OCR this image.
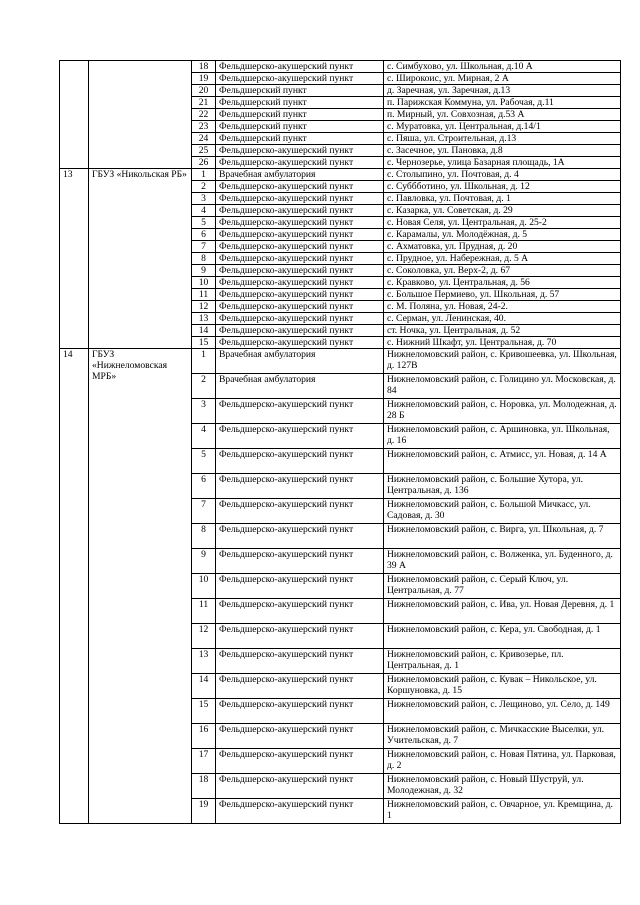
		18	Фельдшерско-акушерский пункт	с. Симбухово, ул. Школьная, д.10 А
		19	Фельдшерско-акушерский пункт	с. Широкоис, ул. Мирная, 2 А
		20	Фельдшерский пункт	д. Заречная, ул. Заречная, д.13
		21	Фельдшерский пункт	п. Парижская Коммуна, ул. Рабочая, д.11
		22	Фельдшерский пункт	п. Мирный, ул. Совхозная, д.53 А
		23	Фельдшерский пункт	с. Муратовка, ул. Центральная, д.14/1
		24	Фельдшерский пункт	с. Пяша, ул. Строительная, д.13
		25	Фельдшерско-акушерский пункт	с. Засечное, ул. Пановка, д.8
		26	Фельдшерско-акушерский пункт	с. Чернозерье, улица Базарная площадь, 1А
13	ГБУЗ «Никольская РБ»	1	Врачебная амбулатория	с. Столыпино, ул. Почтовая, д. 4
		2	Фельдшерско-акушерский пункт	с. Суббботино, ул. Школьная, д. 12
		3	Фельдшерско-акушерский пункт	с. Павловка, ул. Почтовая, д. 1
		4	Фельдшерско-акушерский пункт	с. Казарка, ул. Советская, д. 29
		5	Фельдшерско-акушерский пункт	с. Новая Селя, ул. Центральная, д. 25-2
		6	Фельдшерско-акушерский пункт	с. Карамалы, ул. Молодёжная, д. 5
		7	Фельдшерско-акушерский пункт	с. Ахматовка, ул. Прудная, д. 20
		8	Фельдшерско-акушерский пункт	с. Прудное, ул. Набережная, д. 5 А
		9	Фельдшерско-акушерский пункт	с. Соколовка, ул. Верх-2, д. 67
		10	Фельдшерско-акушерский пункт	с. Кравково, ул. Центральная, д. 56
		11	Фельдшерско-акушерский пункт	с. Большое Пермиево, ул. Школьная, д. 57
		12	Фельдшерско-акушерский пункт	с. М. Поляна, ул. Новая, 24-2.
		13	Фельдшерско-акушерский пункт	с. Серман, ул. Ленинская, 40.
		14	Фельдшерско-акушерский пункт	ст. Ночка, ул. Центральная, д. 52
		15	Фельдшерско-акушерский пункт	с. Нижний Шкафт, ул. Центральная, д. 70
14	ГБУЗ «Нижнеломовская МРБ»	1	Врачебная амбулатория	Нижнеломовский район, с. Кривошеевка, ул. Школьная, д. 127В
		2	Врачебная амбулатория	Нижнеломовский район, с. Голицино ул. Московская, д. 84
		3	Фельдшерско-акушерский пункт	Нижнеломовский район, с. Норовка, ул. Молодежная, д. 28 Б
		4	Фельдшерско-акушерский пункт	Нижнеломовский район, с. Аршиновка, ул. Школьная, д. 16
		5	Фельдшерско-акушерский пункт	Нижнеломовский район, с. Атмисс, ул. Новая, д. 14 А
		6	Фельдшерско-акушерский пункт	Нижнеломовский район, с. Большие Хутора, ул. Центральная, д. 136
		7	Фельдшерско-акушерский пункт	Нижнеломовский район, с. Большой Мичкасс, ул. Садовая, д. 30
		8	Фельдшерско-акушерский пункт	Нижнеломовский район, с. Вирга, ул. Школьная, д. 7
		9	Фельдшерско-акушерский пункт	Нижнеломовский район, с. Волженка, ул. Буденного, д. 39 А
		10	Фельдшерско-акушерский пункт	Нижнеломовский район, с. Серый Ключ, ул. Центральная, д. 77
		11	Фельдшерско-акушерский пункт	Нижнеломовский район, с. Ива, ул. Новая Деревня, д. 1
		12	Фельдшерско-акушерский пункт	Нижнеломовский район, с. Кера, ул. Свободная, д. 1
		13	Фельдшерско-акушерский пункт	Нижнеломовский район, с. Кривозерье, пл. Центральная, д. 1
		14	Фельдшерско-акушерский пункт	Нижнеломовский район, с. Кувак – Никольское, ул. Коршуновка, д. 15
		15	Фельдшерско-акушерский пункт	Нижнеломовский район, с. Лещиново, ул. Село, д. 149
		16	Фельдшерско-акушерский пункт	Нижнеломовский район, с. Мичкасские Выселки, ул. Учительская, д. 7
		17	Фельдшерско-акушерский пункт	Нижнеломовский район, с. Новая Пятина, ул. Парковая, д. 2
		18	Фельдшерско-акушерский пункт	Нижнеломовский район, с. Новый Шуструй, ул. Молодежная, д. 32
		19	Фельдшерско-акушерский пункт	Нижнеломовский район, с. Овчарное, ул. Кремщина, д. 1
